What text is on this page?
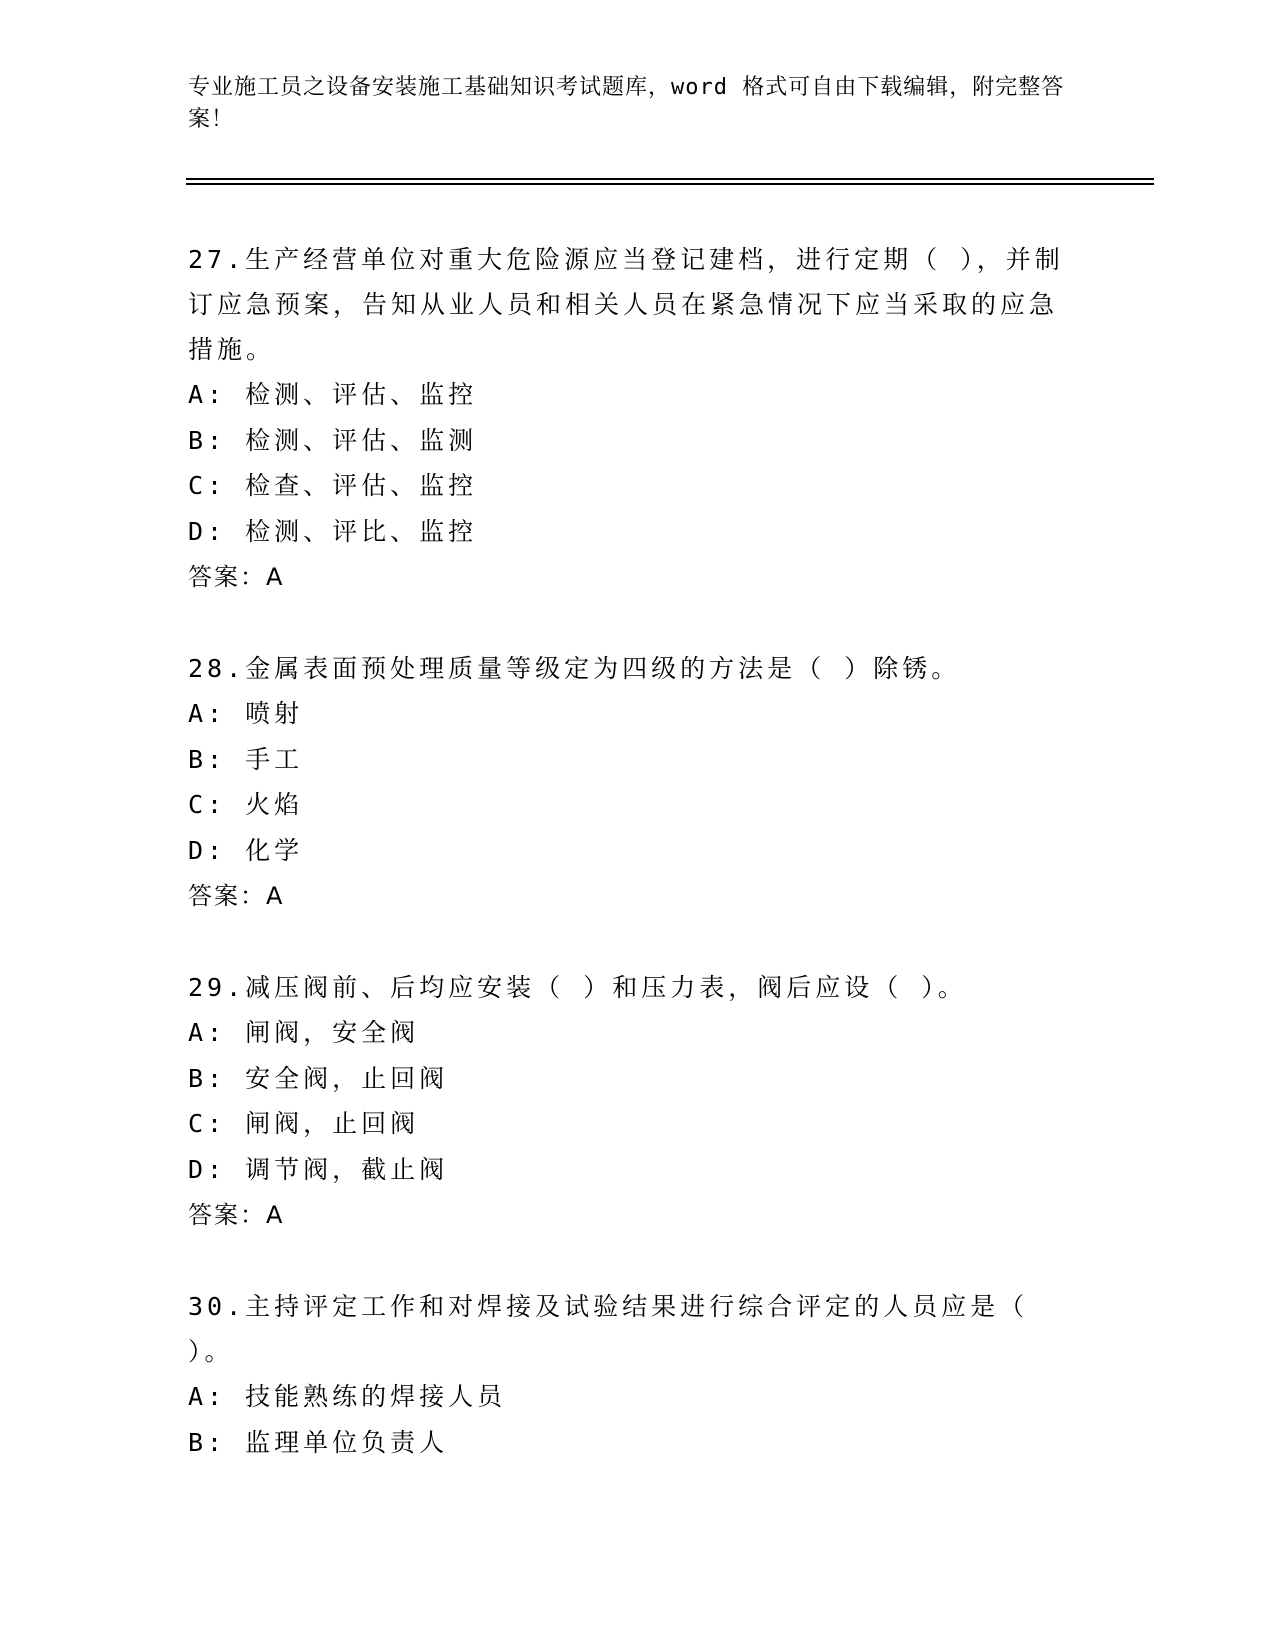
专业施工员之设备安装施工基础知识考试题库，word 格式可自由下载编辑，附完整答案！

27.生产经营单位对重大危险源应当登记建档，进行定期（ ），并制订应急预案，告知从业人员和相关人员在紧急情况下应当采取的应急措施。

A: 检测、评估、监控

B: 检测、评估、监测

C: 检查、评估、监控

D: 检测、评比、监控

答案：A

28.金属表面预处理质量等级定为四级的方法是（ ）除锈。

A: 喷射

B: 手工

C: 火焰

D: 化学

答案：A

29.减压阀前、后均应安装（ ）和压力表，阀后应设（ ）。

A: 闸阀，安全阀

B: 安全阀，止回阀

C: 闸阀，止回阀

D: 调节阀，截止阀

答案：A

30.主持评定工作和对焊接及试验结果进行综合评定的人员应是（ ）。

A: 技能熟练的焊接人员

B: 监理单位负责人
